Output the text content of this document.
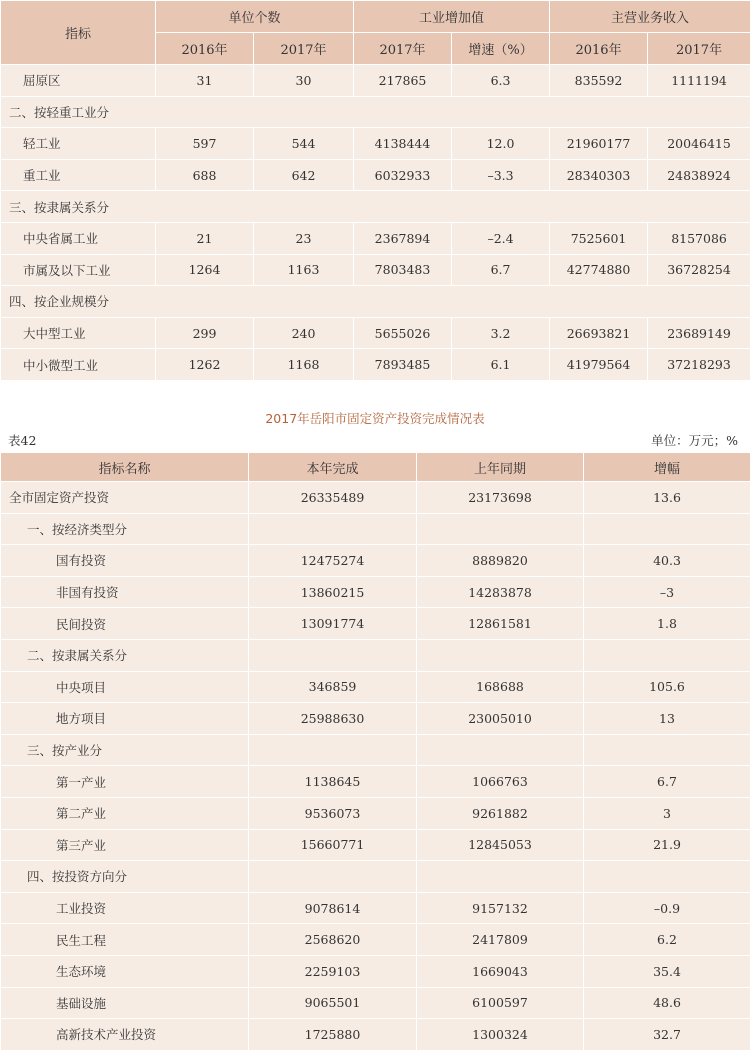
指标	单位个数		工业增加值		主营业务收入	
	2016年	2017年	2017年	增速（%）	2016年	2017年
屈原区	31	30	217865	6.3	835592	1111194
二、按轻重工业分						
轻工业	597	544	4138444	12.0	21960177	20046415
重工业	688	642	6032933	–3.3	28340303	24838924
三、按隶属关系分						
中央省属工业	21	23	2367894	–2.4	7525601	8157086
市属及以下工业	1264	1163	7803483	6.7	42774880	36728254
四、按企业规模分						
大中型工业	299	240	5655026	3.2	26693821	23689149
中小微型工业	1262	1168	7893485	6.1	41979564	37218293
2017年岳阳市固定资产投资完成情况表
表42	单位：万元；%
指标名称	本年完成	上年同期	增幅
全市固定资产投资	26335489	23173698	13.6
一、按经济类型分			
国有投资	12475274	8889820	40.3
非国有投资	13860215	14283878	–3
民间投资	13091774	12861581	1.8
二、按隶属关系分			
中央项目	346859	168688	105.6
地方项目	25988630	23005010	13
三、按产业分			
第一产业	1138645	1066763	6.7
第二产业	9536073	9261882	3
第三产业	15660771	12845053	21.9
四、按投资方向分			
工业投资	9078614	9157132	–0.9
民生工程	2568620	2417809	6.2
生态环境	2259103	1669043	35.4
基础设施	9065501	6100597	48.6
高新技术产业投资	1725880	1300324	32.7
